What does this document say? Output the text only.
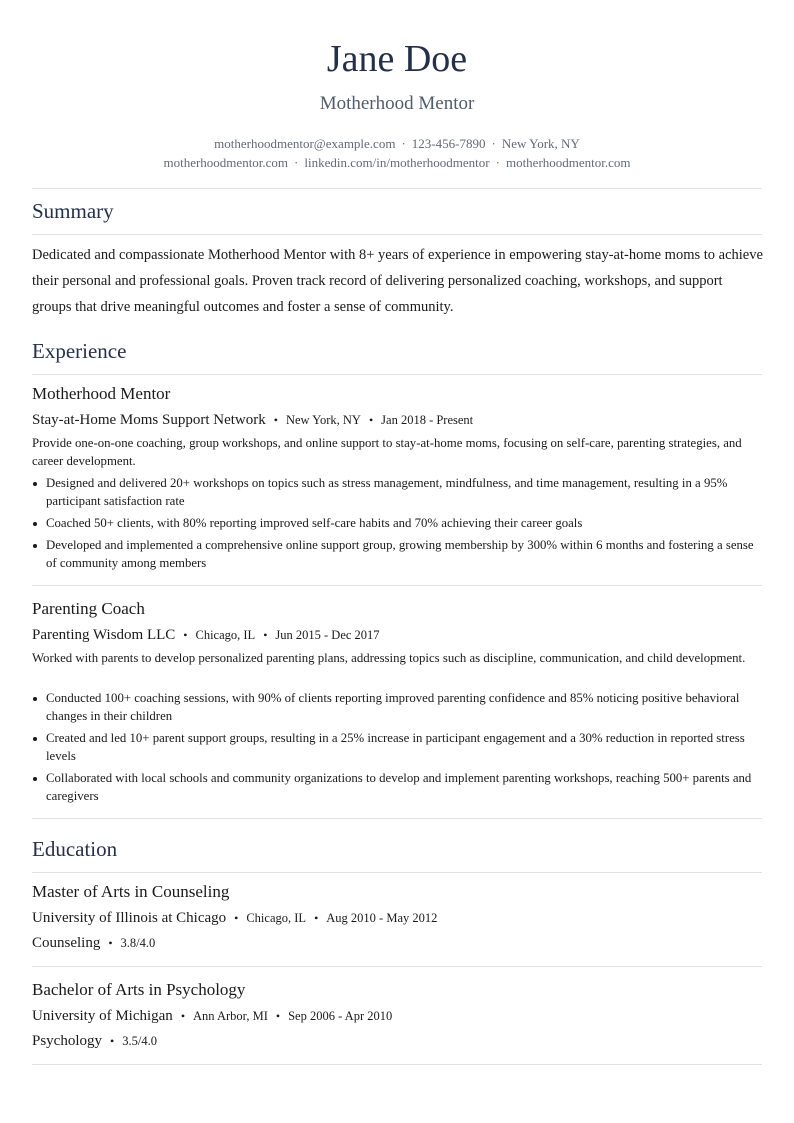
Jane Doe
Motherhood Mentor
motherhoodmentor@example.com · 123-456-7890 · New York, NY
motherhoodmentor.com · linkedin.com/in/motherhoodmentor · motherhoodmentor.com
Summary
Dedicated and compassionate Motherhood Mentor with 8+ years of experience in empowering stay-at-home moms to achieve their personal and professional goals. Proven track record of delivering personalized coaching, workshops, and support groups that drive meaningful outcomes and foster a sense of community.
Experience
Motherhood Mentor
Stay-at-Home Moms Support Network • New York, NY • Jan 2018 - Present
Provide one-on-one coaching, group workshops, and online support to stay-at-home moms, focusing on self-care, parenting strategies, and career development.
Designed and delivered 20+ workshops on topics such as stress management, mindfulness, and time management, resulting in a 95% participant satisfaction rate
Coached 50+ clients, with 80% reporting improved self-care habits and 70% achieving their career goals
Developed and implemented a comprehensive online support group, growing membership by 300% within 6 months and fostering a sense of community among members
Parenting Coach
Parenting Wisdom LLC • Chicago, IL • Jun 2015 - Dec 2017
Worked with parents to develop personalized parenting plans, addressing topics such as discipline, communication, and child development.
Conducted 100+ coaching sessions, with 90% of clients reporting improved parenting confidence and 85% noticing positive behavioral changes in their children
Created and led 10+ parent support groups, resulting in a 25% increase in participant engagement and a 30% reduction in reported stress levels
Collaborated with local schools and community organizations to develop and implement parenting workshops, reaching 500+ parents and caregivers
Education
Master of Arts in Counseling
University of Illinois at Chicago • Chicago, IL • Aug 2010 - May 2012
Counseling • 3.8/4.0
Bachelor of Arts in Psychology
University of Michigan • Ann Arbor, MI • Sep 2006 - Apr 2010
Psychology • 3.5/4.0
